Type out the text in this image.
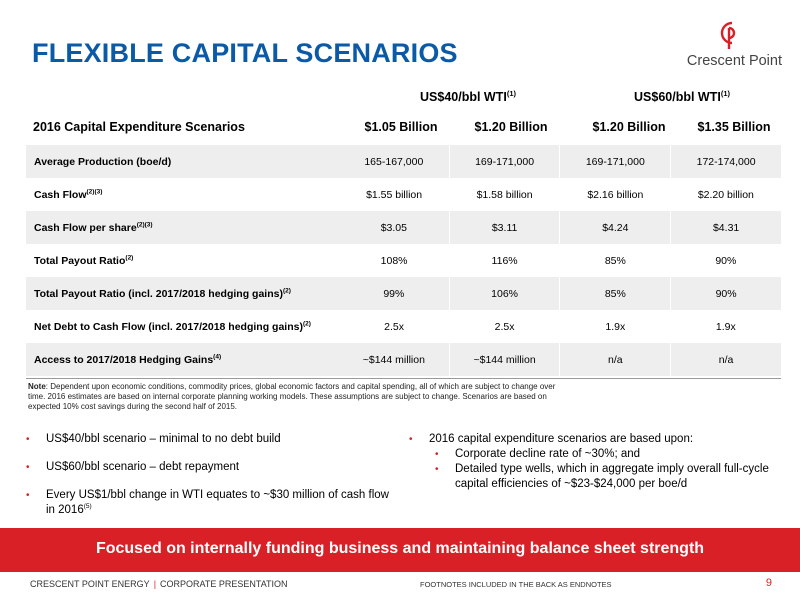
FLEXIBLE CAPITAL SCENARIOS	Crescent Point
US$40/bbl WTI$^{(1)}$	US$60/bbl WTI$^{(1)}$
2016 Capital Expenditure Scenarios	$1.05 Billion	$1.20 Billion	$1.20 Billion	$1.35 Billion
Average Production (boe/d)	165-167,000	169-171,000	169-171,000	172-174,000
Cash Flow$^{(2)(3)}$	$1.55 billion	$1.58 billion	$2.16 billion	$2.20 billion
Cash Flow per share$^{(2)(3)}$	$3.05	$3.11	$4.24	$4.31
Total Payout Ratio$^{(2)}$	108%	116%	85%	90%
Total Payout Ratio (incl. 2017/2018 hedging gains)$^{(2)}$	99%	106%	85%	90%
Net Debt to Cash Flow (incl. 2017/2018 hedging gains)$^{(2)}$	2.5x	2.5x	1.9x	1.9x
Access to 2017/2018 Hedging Gains$^{(4)}$	~$144 million	~$144 million	n/a	n/a
Note: Dependent upon economic conditions, commodity prices, global economic factors and capital spending, all of which are subject to change over time. 2016 estimates are based on internal corporate planning working models. These assumptions are subject to change. Scenarios are based on expected 10% cost savings during the second half of 2015.
• US$40/bbl scenario – minimal to no debt build
• US$60/bbl scenario – debt repayment
• Every US$1/bbl change in WTI equates to ~$30 million of cash flow in 2016$^{(5)}$
• 2016 capital expenditure scenarios are based upon:
• Corporate decline rate of ~30%; and
• Detailed type wells, which in aggregate imply overall full-cycle capital efficiencies of ~$23-$24,000 per boe/d
Focused on internally funding business and maintaining balance sheet strength
CRESCENT POINT ENERGY | CORPORATE PRESENTATION	FOOTNOTES INCLUDED IN THE BACK AS ENDNOTES	9
